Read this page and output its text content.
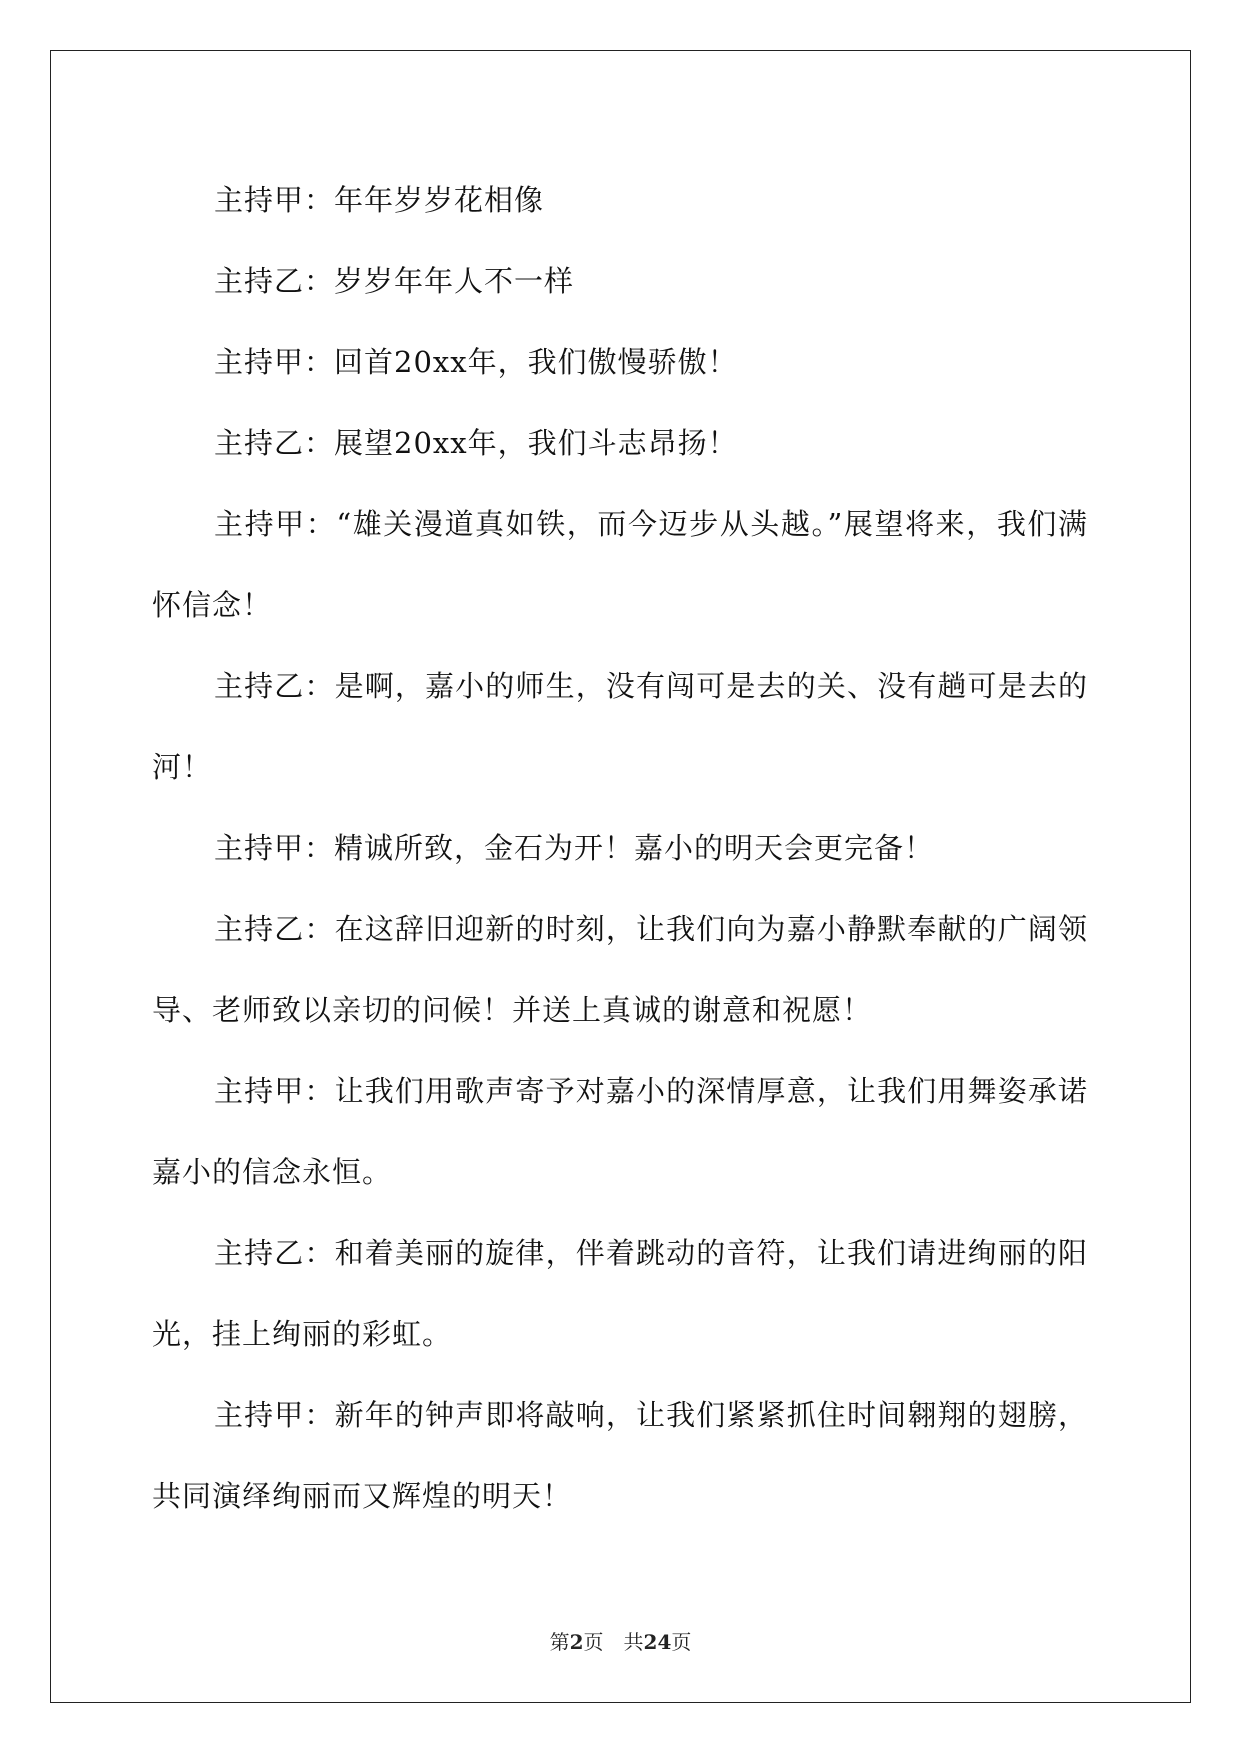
主持甲：年年岁岁花相像

主持乙：岁岁年年人不一样

主持甲：回首20xx年，我们傲慢骄傲！

主持乙：展望20xx年，我们斗志昂扬！

主持甲：“雄关漫道真如铁，而今迈步从头越。”展望将来，我们满怀信念！

主持乙：是啊，嘉小的师生，没有闯可是去的关、没有趟可是去的河！

主持甲：精诚所致，金石为开！嘉小的明天会更完备！

主持乙：在这辞旧迎新的时刻，让我们向为嘉小静默奉献的广阔领导、老师致以亲切的问候！并送上真诚的谢意和祝愿！

主持甲：让我们用歌声寄予对嘉小的深情厚意，让我们用舞姿承诺嘉小的信念永恒。

主持乙：和着美丽的旋律，伴着跳动的音符，让我们请进绚丽的阳光，挂上绚丽的彩虹。

主持甲：新年的钟声即将敲响，让我们紧紧抓住时间翱翔的翅膀，共同演绎绚丽而又辉煌的明天！

第2页 共24页
